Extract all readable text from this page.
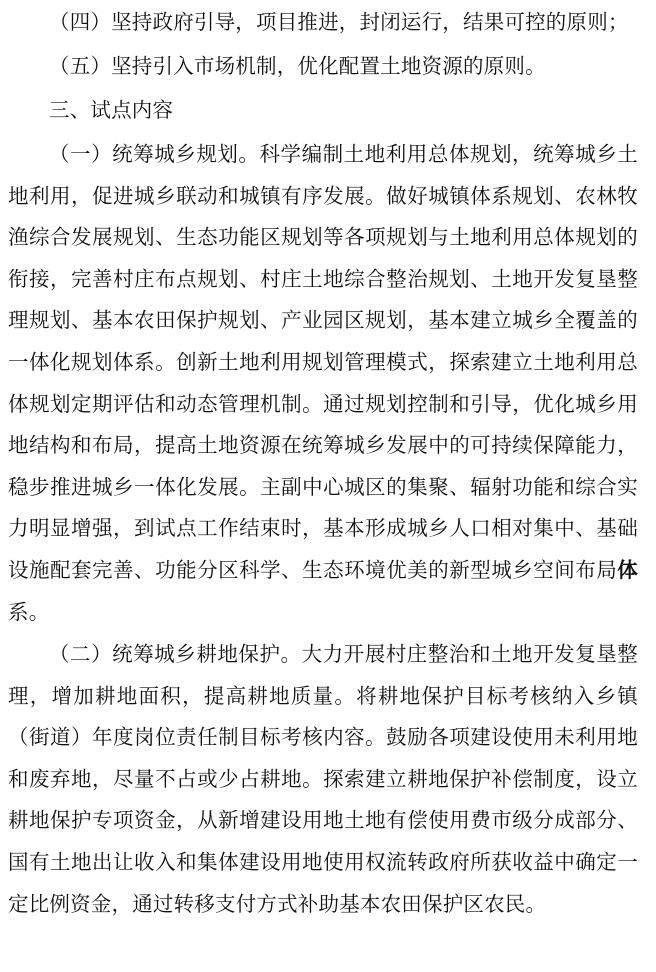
（四）坚持政府引导，项目推进，封闭运行，结果可控的原则；

（五）坚持引入市场机制，优化配置土地资源的原则。

三、试点内容

（一）统筹城乡规划。科学编制土地利用总体规划，统筹城乡土地利用，促进城乡联动和城镇有序发展。做好城镇体系规划、农林牧渔综合发展规划、生态功能区规划等各项规划与土地利用总体规划的衔接，完善村庄布点规划、村庄土地综合整治规划、土地开发复垦整理规划、基本农田保护规划、产业园区规划，基本建立城乡全覆盖的一体化规划体系。创新土地利用规划管理模式，探索建立土地利用总体规划定期评估和动态管理机制。通过规划控制和引导，优化城乡用地结构和布局，提高土地资源在统筹城乡发展中的可持续保障能力，稳步推进城乡一体化发展。主副中心城区的集聚、辐射功能和综合实力明显增强，到试点工作结束时，基本形成城乡人口相对集中、基础设施配套完善、功能分区科学、生态环境优美的新型城乡空间布局体系。

（二）统筹城乡耕地保护。大力开展村庄整治和土地开发复垦整理，增加耕地面积，提高耕地质量。将耕地保护目标考核纳入乡镇（街道）年度岗位责任制目标考核内容。鼓励各项建设使用未利用地和废弃地，尽量不占或少占耕地。探索建立耕地保护补偿制度，设立耕地保护专项资金，从新增建设用地土地有偿使用费市级分成部分、国有土地出让收入和集体建设用地使用权流转政府所获收益中确定一定比例资金，通过转移支付方式补助基本农田保护区农民。
